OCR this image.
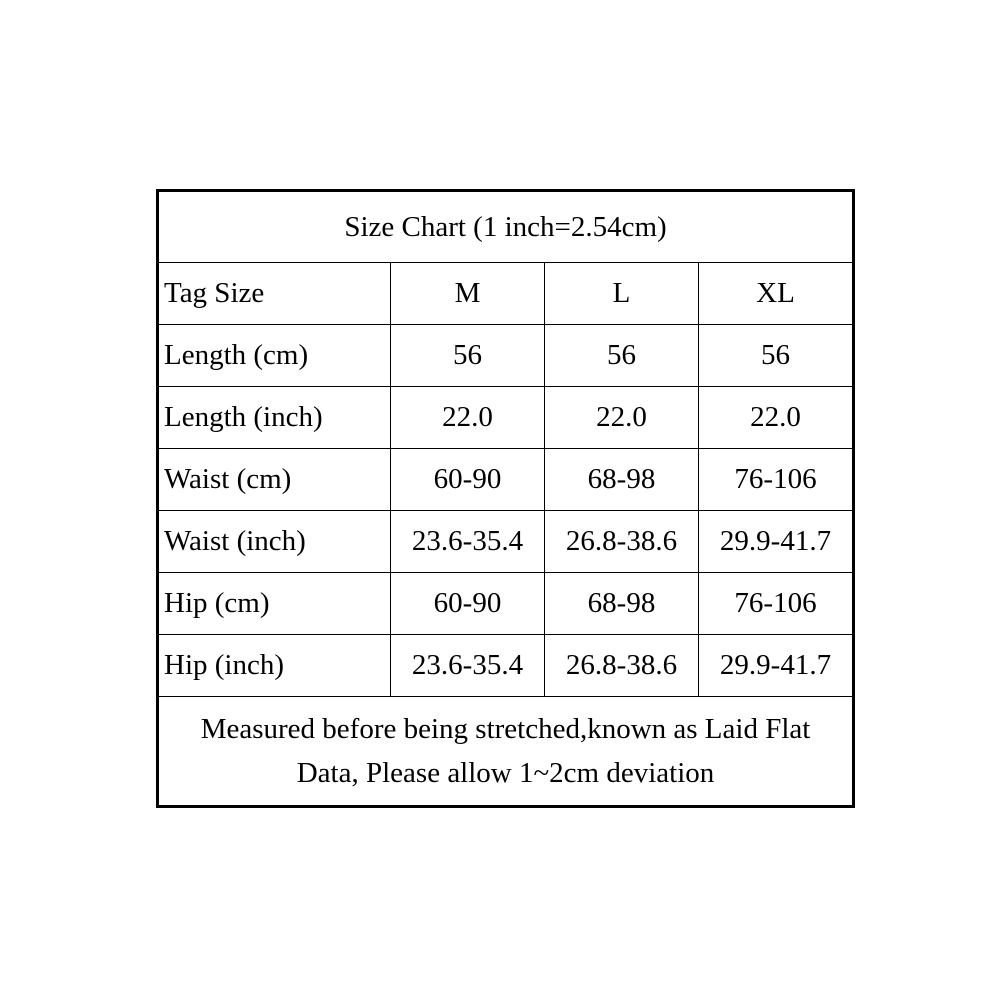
Size Chart (1 inch=2.54cm)			
Tag Size	M	L	XL
Length (cm)	56	56	56
Length (inch)	22.0	22.0	22.0
Waist (cm)	60-90	68-98	76-106
Waist (inch)	23.6-35.4	26.8-38.6	29.9-41.7
Hip (cm)	60-90	68-98	76-106
Hip (inch)	23.6-35.4	26.8-38.6	29.9-41.7

Measured before being stretched,known as Laid Flat
Data, Please allow 1~2cm deviation			
